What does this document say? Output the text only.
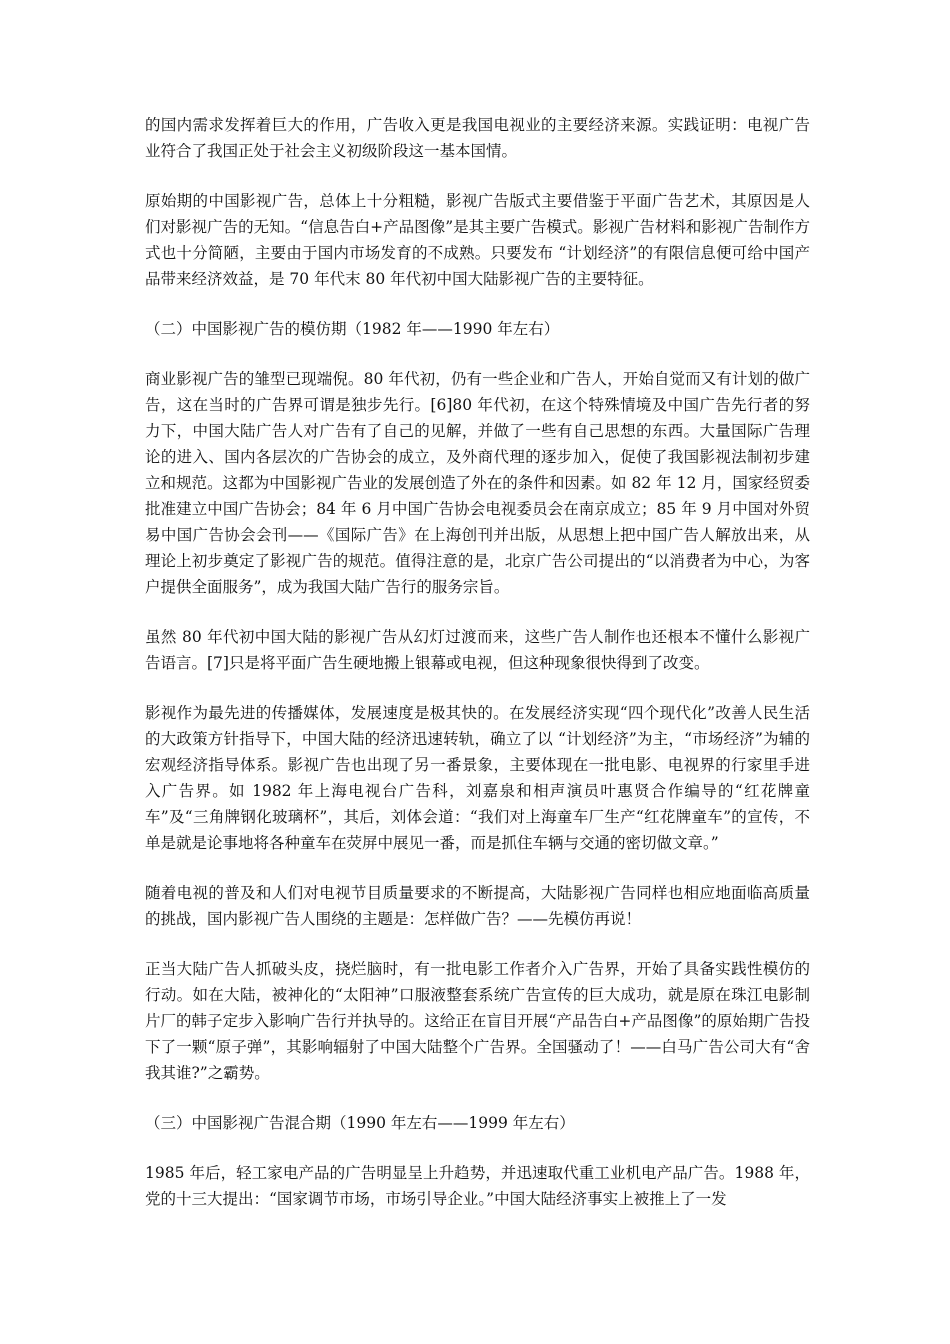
的国内需求发挥着巨大的作用，广告收入更是我国电视业的主要经济来源。实践证明：电视广告业符合了我国正处于社会主义初级阶段这一基本国情。

原始期的中国影视广告，总体上十分粗糙，影视广告版式主要借鉴于平面广告艺术，其原因是人们对影视广告的无知。“信息告白+产品图像”是其主要广告模式。影视广告材料和影视广告制作方式也十分简陋，主要由于国内市场发育的不成熟。只要发布 “计划经济”的有限信息便可给中国产品带来经济效益，是 70 年代末 80 年代初中国大陆影视广告的主要特征。

（二）中国影视广告的模仿期（1982 年——1990 年左右）

商业影视广告的雏型已现端倪。80 年代初，仍有一些企业和广告人，开始自觉而又有计划的做广告，这在当时的广告界可谓是独步先行。[6]80 年代初，在这个特殊情境及中国广告先行者的努力下，中国大陆广告人对广告有了自己的见解，并做了一些有自己思想的东西。大量国际广告理论的进入、国内各层次的广告协会的成立，及外商代理的逐步加入，促使了我国影视法制初步建立和规范。这都为中国影视广告业的发展创造了外在的条件和因素。如 82 年 12 月，国家经贸委批准建立中国广告协会；84 年 6 月中国广告协会电视委员会在南京成立；85 年 9 月中国对外贸易中国广告协会会刊——《国际广告》在上海创刊并出版，从思想上把中国广告人解放出来，从理论上初步奠定了影视广告的规范。值得注意的是，北京广告公司提出的“以消费者为中心，为客户提供全面服务”，成为我国大陆广告行的服务宗旨。

虽然 80 年代初中国大陆的影视广告从幻灯过渡而来，这些广告人制作也还根本不懂什么影视广告语言。[7]只是将平面广告生硬地搬上银幕或电视，但这种现象很快得到了改变。

影视作为最先进的传播媒体，发展速度是极其快的。在发展经济实现“四个现代化”改善人民生活的大政策方针指导下，中国大陆的经济迅速转轨，确立了以 “计划经济”为主，“市场经济”为辅的宏观经济指导体系。影视广告也出现了另一番景象，主要体现在一批电影、电视界的行家里手进入广告界。如 1982 年上海电视台广告科，刘嘉泉和相声演员叶惠贤合作编导的“红花牌童车”及“三角牌钢化玻璃杯”，其后，刘体会道：“我们对上海童车厂生产“红花牌童车”的宣传，不单是就是论事地将各种童车在荧屏中展见一番，而是抓住车辆与交通的密切做文章。”

随着电视的普及和人们对电视节目质量要求的不断提高，大陆影视广告同样也相应地面临高质量的挑战，国内影视广告人围绕的主题是：怎样做广告？——先模仿再说！

正当大陆广告人抓破头皮，挠烂脑时，有一批电影工作者介入广告界，开始了具备实践性模仿的行动。如在大陆，被神化的“太阳神”口服液整套系统广告宣传的巨大成功，就是原在珠江电影制片厂的韩子定步入影响广告行并执导的。这给正在盲目开展“产品告白+产品图像”的原始期广告投下了一颗“原子弹”，其影响辐射了中国大陆整个广告界。全国骚动了！——白马广告公司大有“舍我其谁?”之霸势。

（三）中国影视广告混合期（1990 年左右——1999 年左右）

1985 年后，轻工家电产品的广告明显呈上升趋势，并迅速取代重工业机电产品广告。1988 年，党的十三大提出：“国家调节市场，市场引导企业。”中国大陆经济事实上被推上了一发
